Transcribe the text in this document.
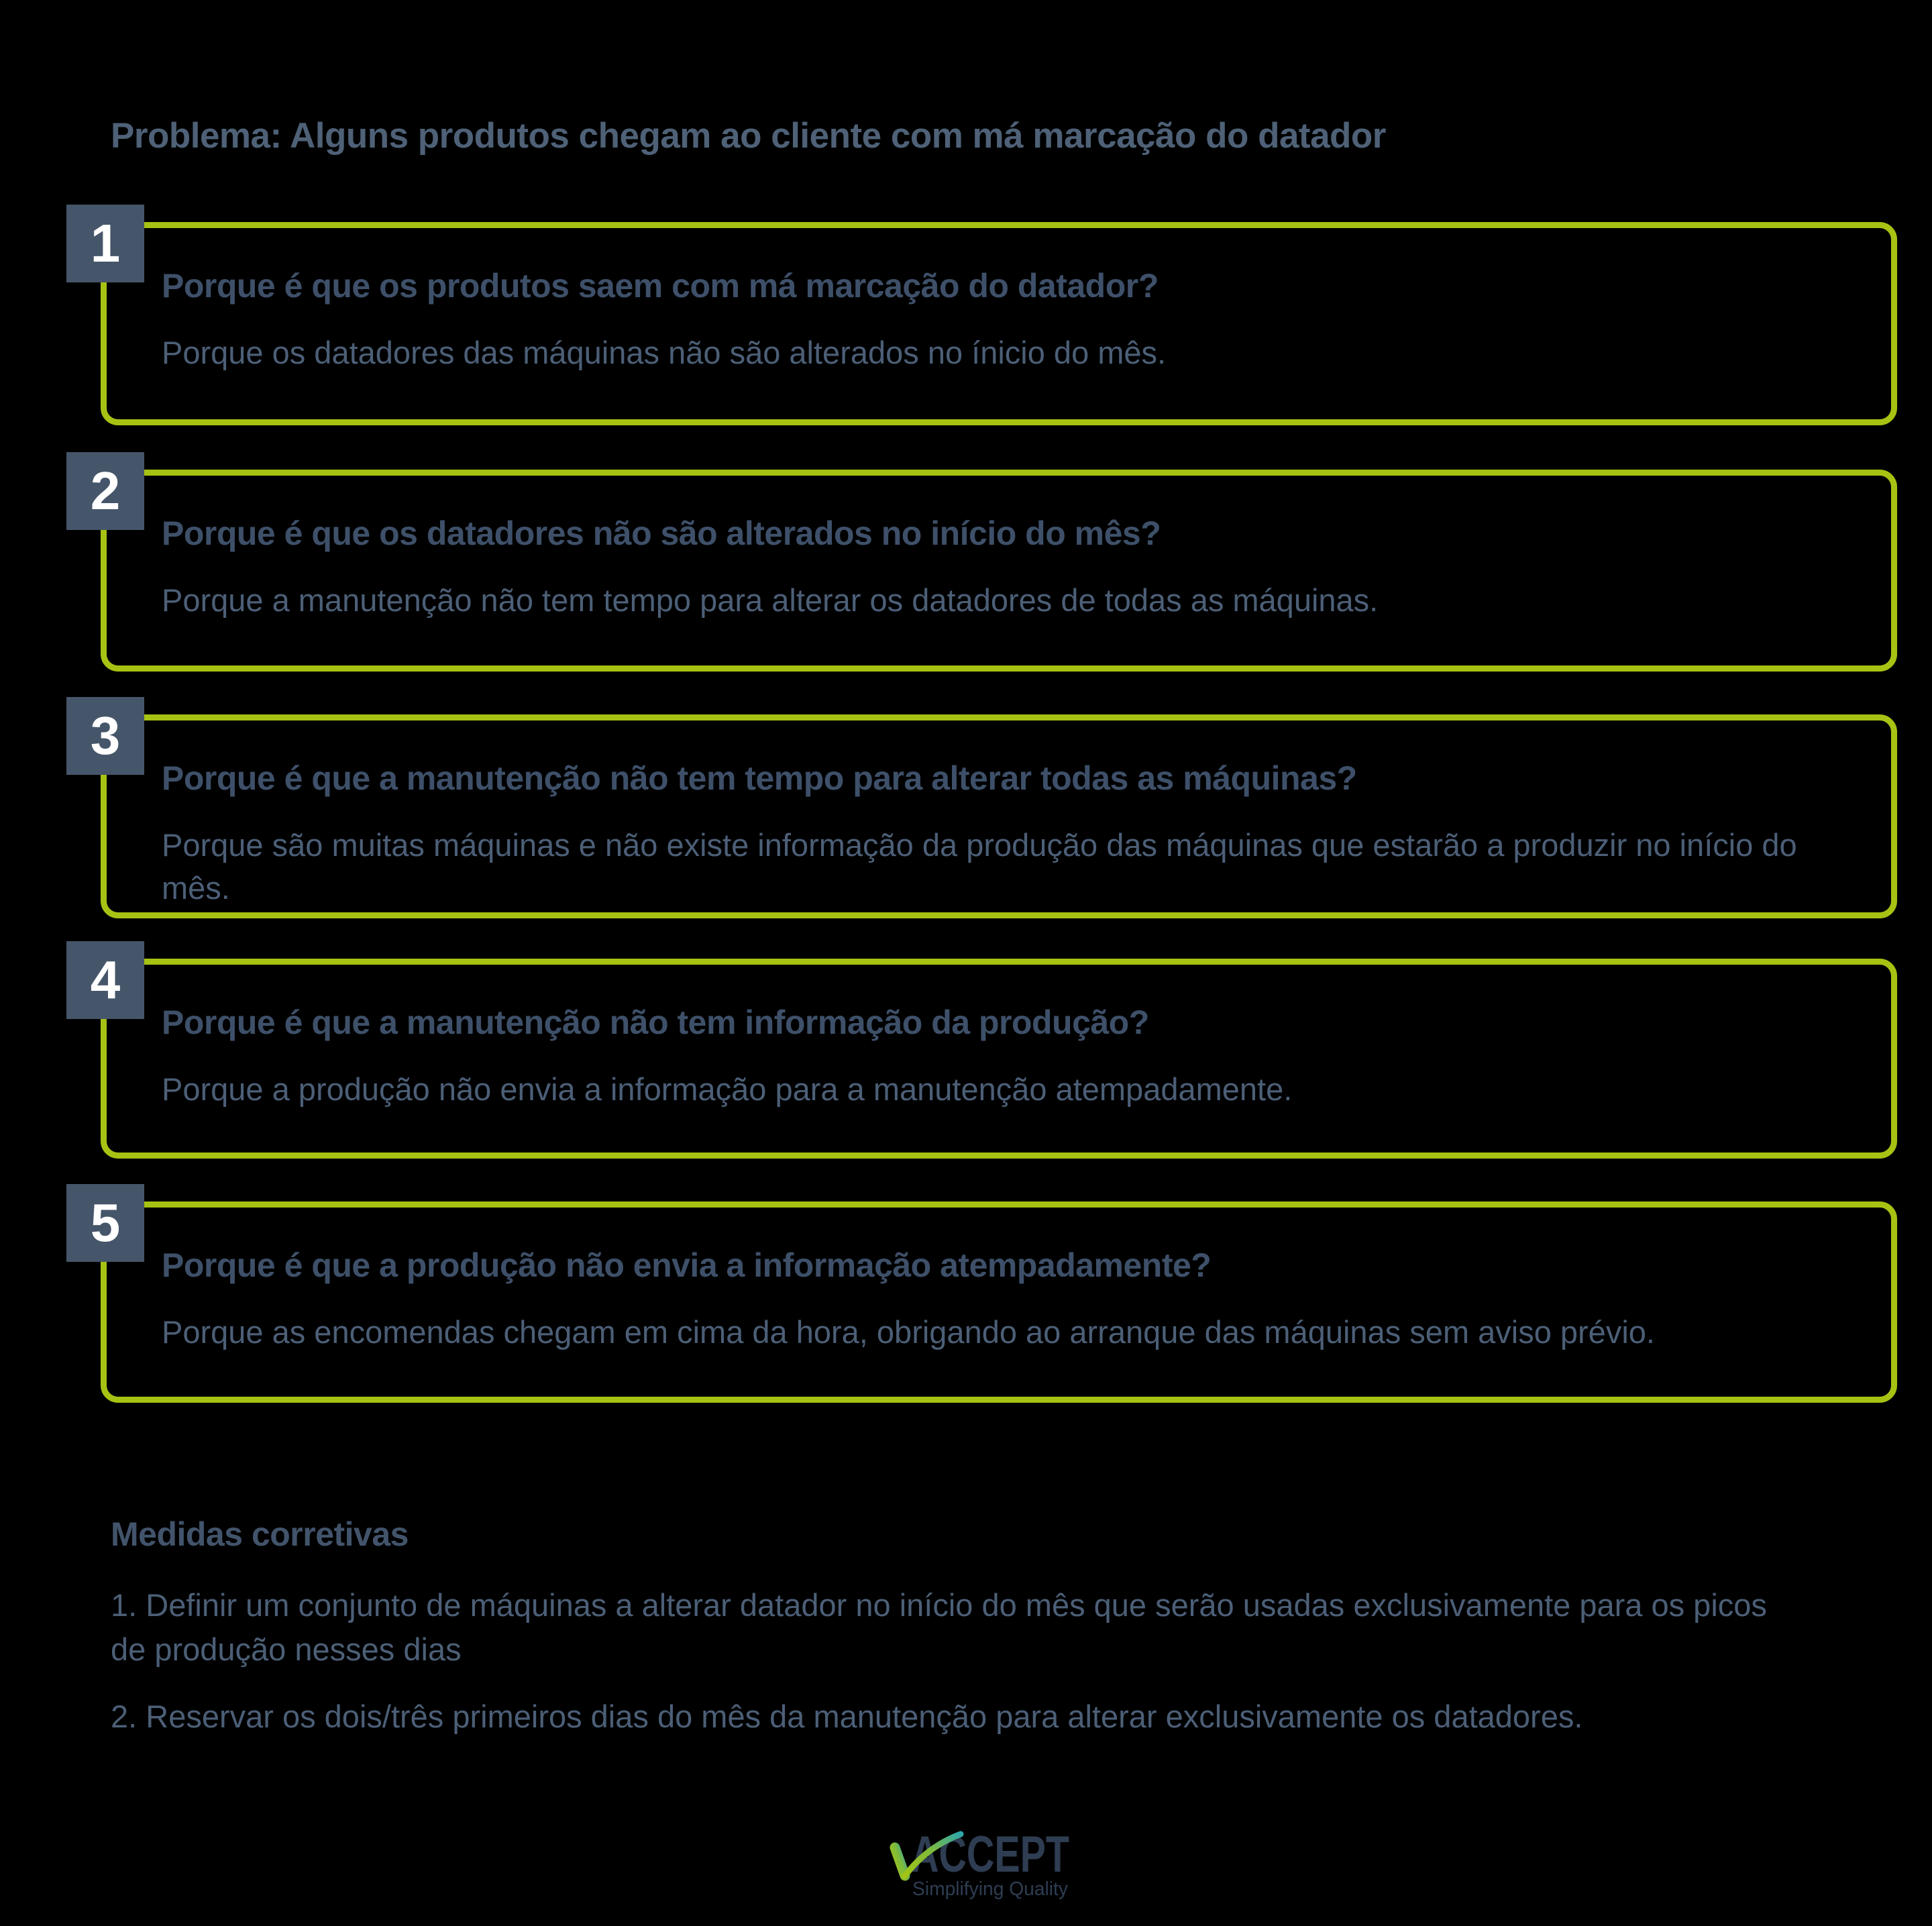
Problema: Alguns produtos chegam ao cliente com má marcação do datador
1
Porque é que os produtos saem com má marcação do datador?
Porque os datadores das máquinas não são alterados no ínicio do mês.
2
Porque é que os datadores não são alterados no início do mês?
Porque a manutenção não tem tempo para alterar os datadores de todas as máquinas.
3
Porque é que a manutenção não tem tempo para alterar todas as máquinas?
Porque são muitas máquinas e não existe informação da produção das máquinas que estarão a produzir no início do mês.
4
Porque é que a manutenção não tem informação da produção?
Porque a produção não envia a informação para a manutenção atempadamente.
5
Porque é que a produção não envia a informação atempadamente?
Porque as encomendas chegam em cima da hora, obrigando ao arranque das máquinas sem aviso prévio.
Medidas corretivas
1. Definir um conjunto de máquinas a alterar datador no início do mês que serão usadas exclusivamente para os picos de produção nesses dias
2. Reservar os dois/três primeiros dias do mês da manutenção para alterar exclusivamente os datadores.
ACCEPT
Simplifying Quality
